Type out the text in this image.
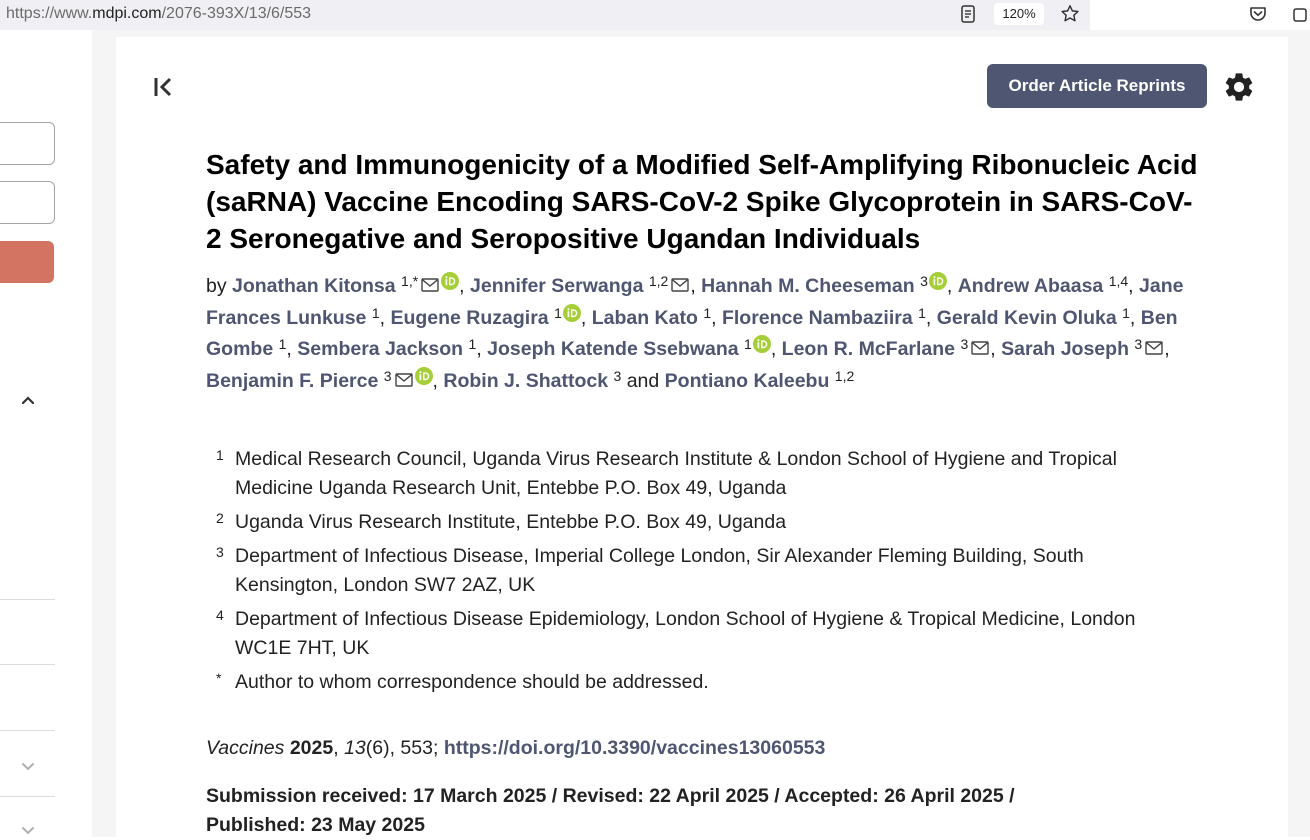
https://www.mdpi.com/2076-393X/13/6/553	120%
Order Article Reprints
Safety and Immunogenicity of a Modified Self-Amplifying Ribonucleic Acid (saRNA) Vaccine Encoding SARS-CoV-2 Spike Glycoprotein in SARS-CoV-2 Seronegative and Seropositive Ugandan Individuals
by Jonathan Kitonsa $^{1,*}$ , Jennifer Serwanga $^{1,2}$ , Hannah M. Cheeseman $^3$ , Andrew Abaasa $^{1,4}$, Jane Frances Lunkuse $^1$, Eugene Ruzagira $^1$ , Laban Kato $^1$, Florence Nambaziira $^1$, Gerald Kevin Oluka $^1$, Ben Gombe $^1$, Sembera Jackson $^1$, Joseph Katende Ssebwana $^1$ , Leon R. McFarlane $^3$ , Sarah Joseph $^3$ , Benjamin F. Pierce $^3$ , Robin J. Shattock $^3$ and Pontiano Kaleebu $^{1,2}$
1 Medical Research Council, Uganda Virus Research Institute & London School of Hygiene and Tropical Medicine Uganda Research Unit, Entebbe P.O. Box 49, Uganda
2 Uganda Virus Research Institute, Entebbe P.O. Box 49, Uganda
3 Department of Infectious Disease, Imperial College London, Sir Alexander Fleming Building, South Kensington, London SW7 2AZ, UK
4 Department of Infectious Disease Epidemiology, London School of Hygiene & Tropical Medicine, London WC1E 7HT, UK
* Author to whom correspondence should be addressed.
Vaccines 2025, 13(6), 553; https://doi.org/10.3390/vaccines13060553
Submission received: 17 March 2025 / Revised: 22 April 2025 / Accepted: 26 April 2025 / Published: 23 May 2025
